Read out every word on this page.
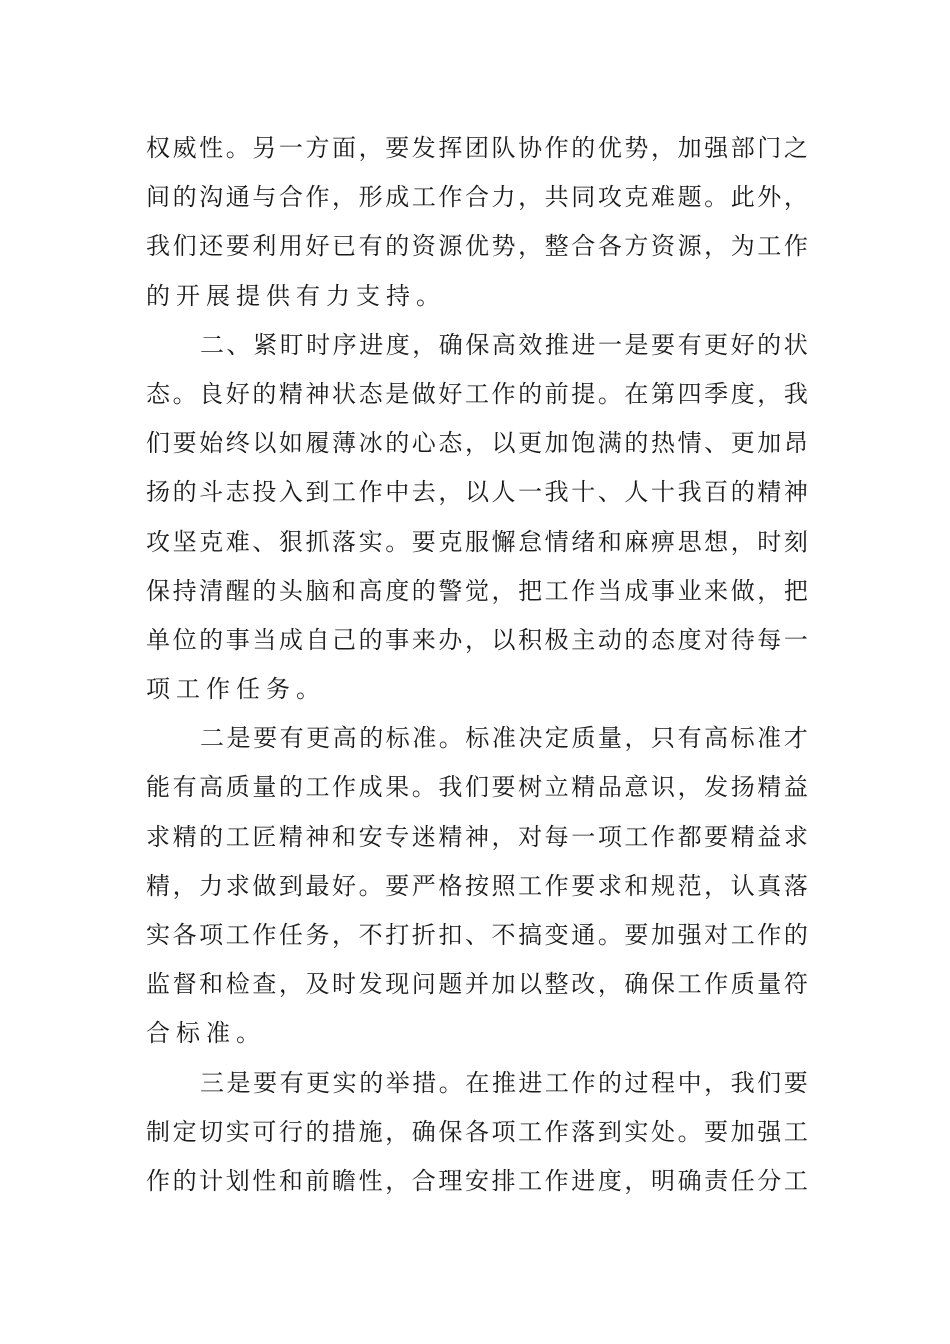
权 威 性 。 另 一 方 面 ， 要 发 挥 团 队 协 作 的 优 势 ， 加 强 部 门 之
间 的 沟 通 与 合 作 ， 形 成 工 作 合 力 ， 共 同 攻 克 难 题 。 此 外 ，
我 们 还 要 利 用 好 已 有 的 资 源 优 势 ， 整 合 各 方 资 源 ， 为 工 作
的 开 展 提 供 有 力 支 持 。
二 、 紧 盯 时 序 进 度 ， 确 保 高 效 推 进 一 是 要 有 更 好 的 状
态 。 良 好 的 精 神 状 态 是 做 好 工 作 的 前 提 。 在 第 四 季 度 ， 我
们 要 始 终 以 如 履 薄 冰 的 心 态 ， 以 更 加 饱 满 的 热 情 、 更 加 昂
扬 的 斗 志 投 入 到 工 作 中 去 ， 以 人 一 我 十 、 人 十 我 百 的 精 神
攻 坚 克 难 、 狠 抓 落 实 。 要 克 服 懈 怠 情 绪 和 麻 痹 思 想 ， 时 刻
保 持 清 醒 的 头 脑 和 高 度 的 警 觉 ， 把 工 作 当 成 事 业 来 做 ， 把
单 位 的 事 当 成 自 己 的 事 来 办 ， 以 积 极 主 动 的 态 度 对 待 每 一
项 工 作 任 务 。
二 是 要 有 更 高 的 标 准 。 标 准 决 定 质 量 ， 只 有 高 标 准 才
能 有 高 质 量 的 工 作 成 果 。 我 们 要 树 立 精 品 意 识 ， 发 扬 精 益
求 精 的 工 匠 精 神 和 安 专 迷 精 神 ， 对 每 一 项 工 作 都 要 精 益 求
精 ， 力 求 做 到 最 好 。 要 严 格 按 照 工 作 要 求 和 规 范 ， 认 真 落
实 各 项 工 作 任 务 ， 不 打 折 扣 、 不 搞 变 通 。 要 加 强 对 工 作 的
监 督 和 检 查 ， 及 时 发 现 问 题 并 加 以 整 改 ， 确 保 工 作 质 量 符
合 标 准 。
三 是 要 有 更 实 的 举 措 。 在 推 进 工 作 的 过 程 中 ， 我 们 要
制 定 切 实 可 行 的 措 施 ， 确 保 各 项 工 作 落 到 实 处 。 要 加 强 工
作 的 计 划 性 和 前 瞻 性 ， 合 理 安 排 工 作 进 度 ， 明 确 责 任 分 工
